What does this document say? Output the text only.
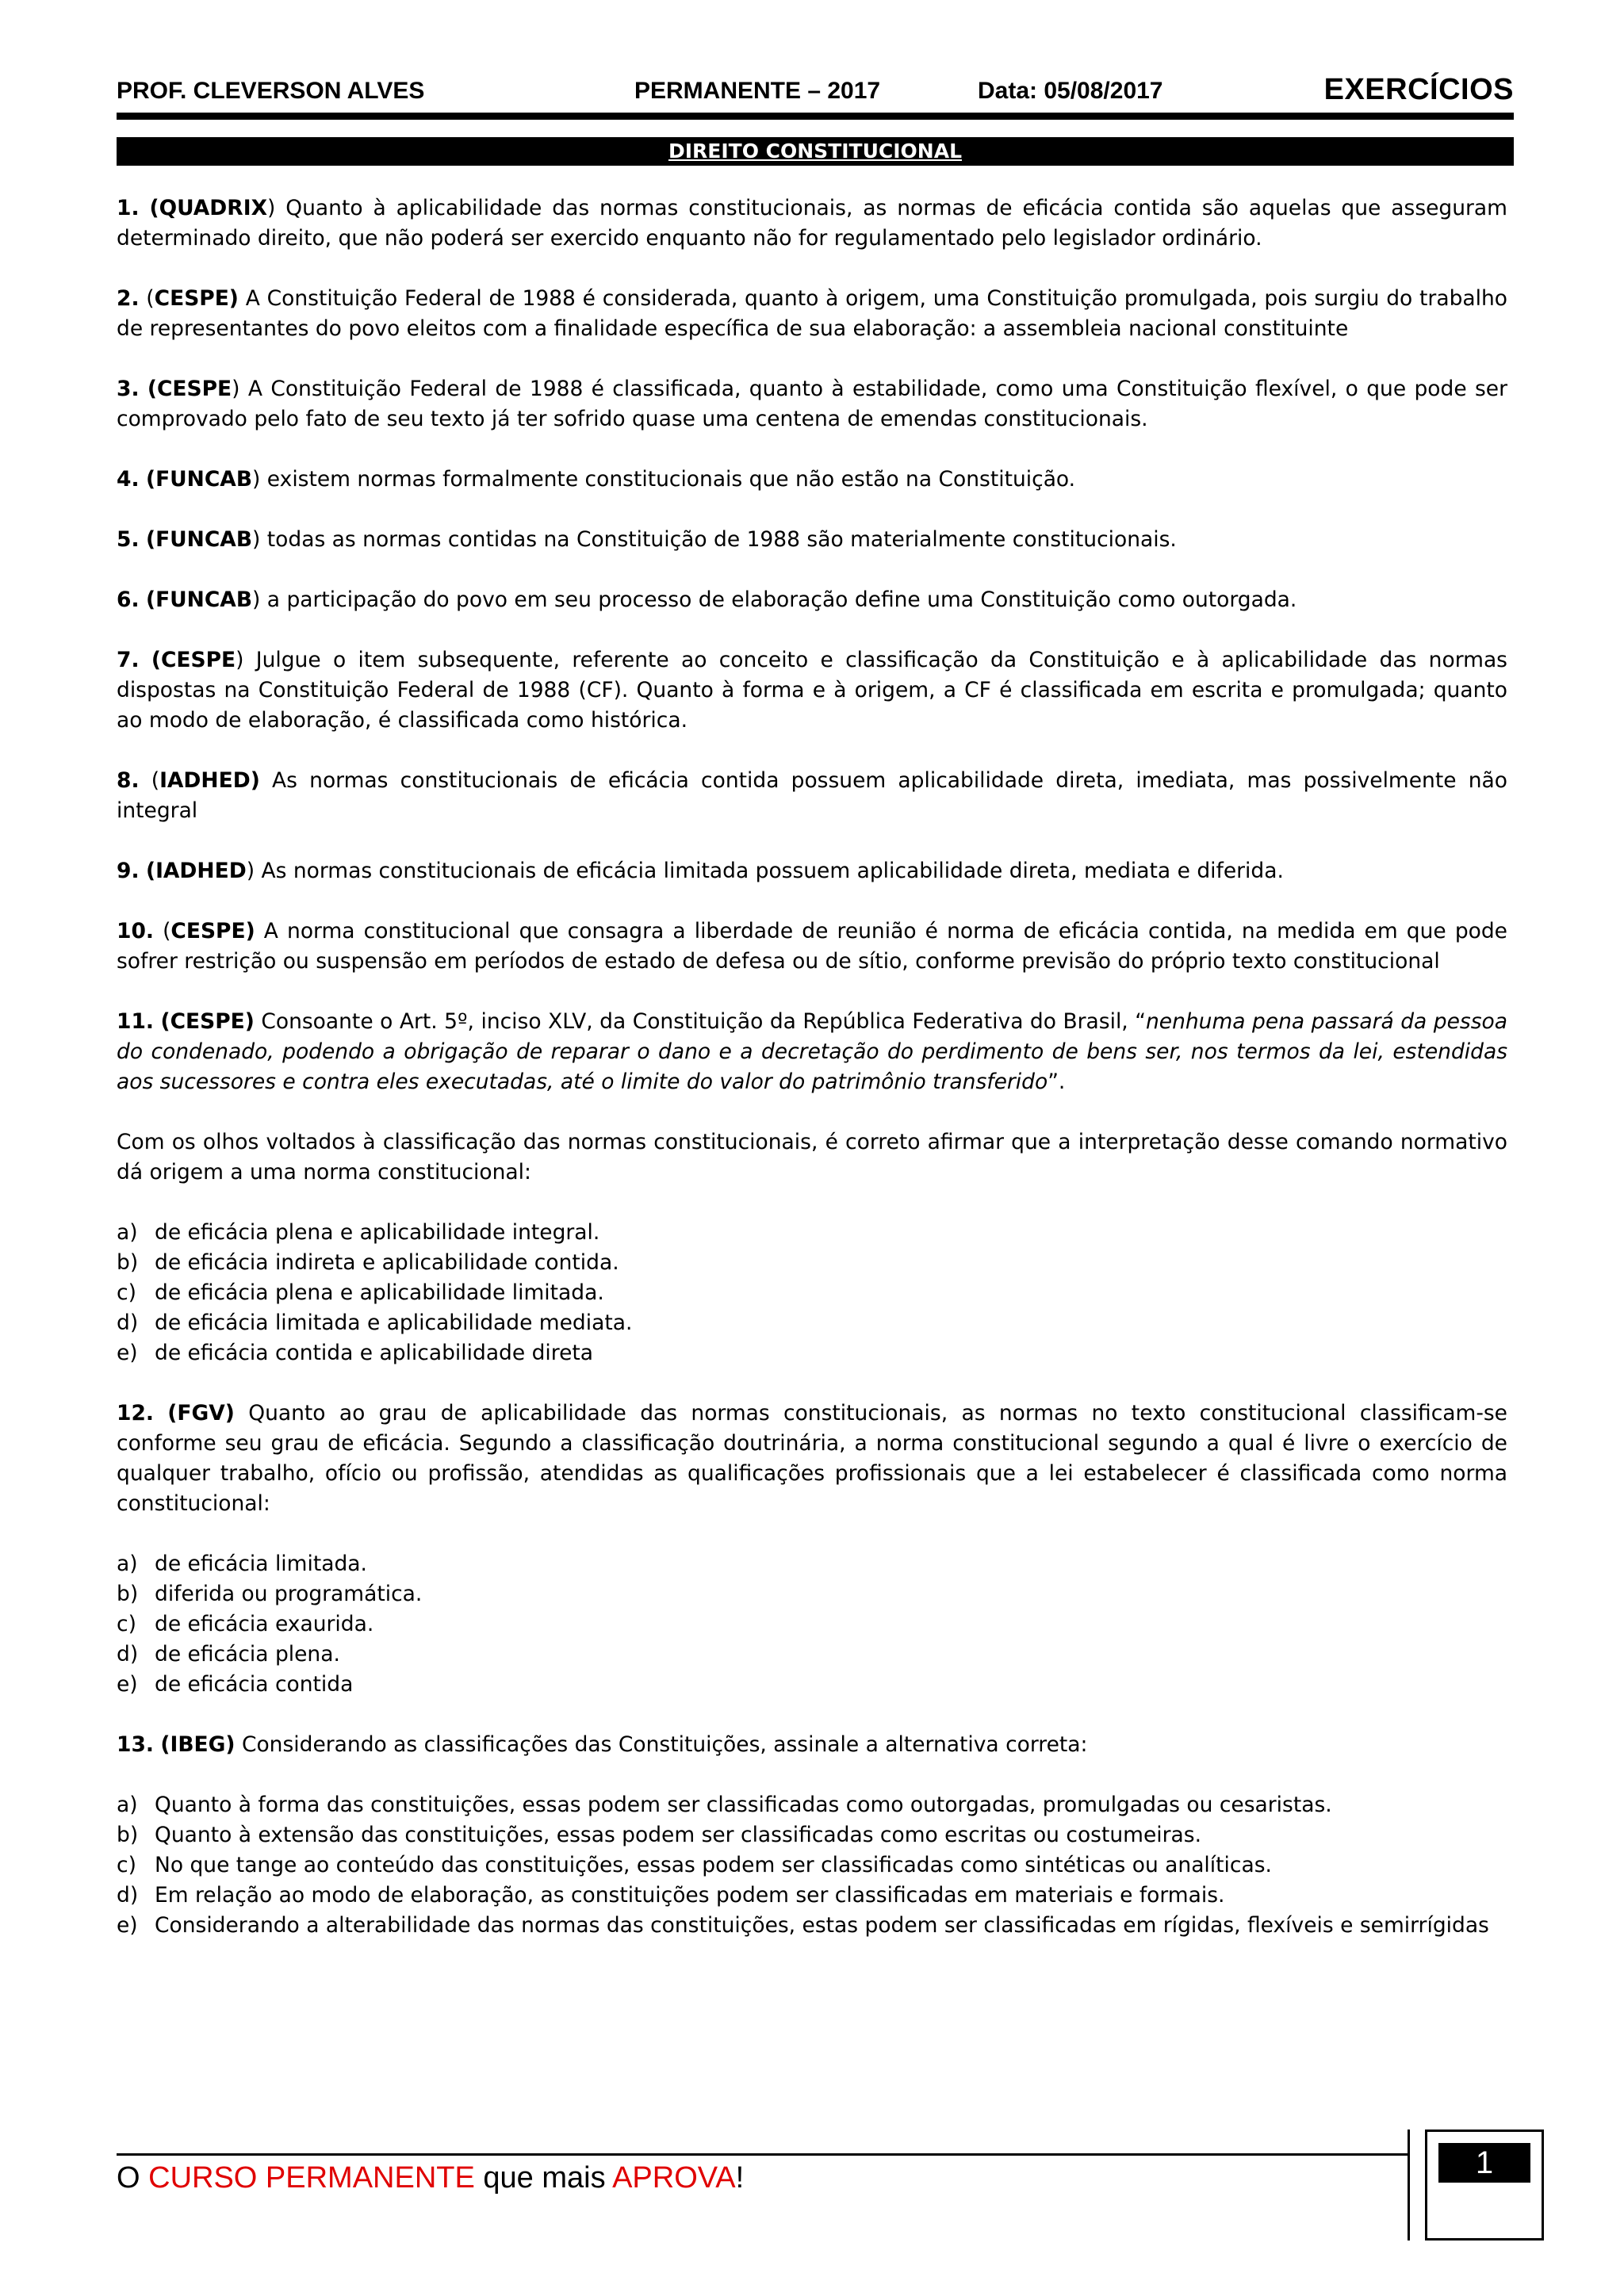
PROF. CLEVERSON ALVES	PERMANENTE – 2017	Data: 05/08/2017	EXERCÍCIOS
DIREITO CONSTITUCIONAL

1. (QUADRIX) Quanto à aplicabilidade das normas constitucionais, as normas de eficácia contida são aquelas que asseguram determinado direito, que não poderá ser exercido enquanto não for regulamentado pelo legislador ordinário.

2. (CESPE) A Constituição Federal de 1988 é considerada, quanto à origem, uma Constituição promulgada, pois surgiu do trabalho de representantes do povo eleitos com a finalidade específica de sua elaboração: a assembleia nacional constituinte

3. (CESPE) A Constituição Federal de 1988 é classificada, quanto à estabilidade, como uma Constituição flexível, o que pode ser comprovado pelo fato de seu texto já ter sofrido quase uma centena de emendas constitucionais.

4. (FUNCAB) existem normas formalmente constitucionais que não estão na Constituição.

5. (FUNCAB) todas as normas contidas na Constituição de 1988 são materialmente constitucionais.

6. (FUNCAB) a participação do povo em seu processo de elaboração define uma Constituição como outorgada.

7. (CESPE) Julgue o item subsequente, referente ao conceito e classificação da Constituição e à aplicabilidade das normas dispostas na Constituição Federal de 1988 (CF). Quanto à forma e à origem, a CF é classificada em escrita e promulgada; quanto ao modo de elaboração, é classificada como histórica.

8. (IADHED) As normas constitucionais de eficácia contida possuem aplicabilidade direta, imediata, mas possivelmente não integral

9. (IADHED) As normas constitucionais de eficácia limitada possuem aplicabilidade direta, mediata e diferida.

10. (CESPE) A norma constitucional que consagra a liberdade de reunião é norma de eficácia contida, na medida em que pode sofrer restrição ou suspensão em períodos de estado de defesa ou de sítio, conforme previsão do próprio texto constitucional

11. (CESPE) Consoante o Art. 5º, inciso XLV, da Constituição da República Federativa do Brasil, “nenhuma pena passará da pessoa do condenado, podendo a obrigação de reparar o dano e a decretação do perdimento de bens ser, nos termos da lei, estendidas aos sucessores e contra eles executadas, até o limite do valor do patrimônio transferido”.

Com os olhos voltados à classificação das normas constitucionais, é correto afirmar que a interpretação desse comando normativo dá origem a uma norma constitucional:

a) de eficácia plena e aplicabilidade integral.
b) de eficácia indireta e aplicabilidade contida.
c) de eficácia plena e aplicabilidade limitada.
d) de eficácia limitada e aplicabilidade mediata.
e) de eficácia contida e aplicabilidade direta

12. (FGV) Quanto ao grau de aplicabilidade das normas constitucionais, as normas no texto constitucional classificam-se conforme seu grau de eficácia. Segundo a classificação doutrinária, a norma constitucional segundo a qual é livre o exercício de qualquer trabalho, ofício ou profissão, atendidas as qualificações profissionais que a lei estabelecer é classificada como norma constitucional:

a) de eficácia limitada.
b) diferida ou programática.
c) de eficácia exaurida.
d) de eficácia plena.
e) de eficácia contida

13. (IBEG) Considerando as classificações das Constituições, assinale a alternativa correta:

a) Quanto à forma das constituições, essas podem ser classificadas como outorgadas, promulgadas ou cesaristas.
b) Quanto à extensão das constituições, essas podem ser classificadas como escritas ou costumeiras.
c) No que tange ao conteúdo das constituições, essas podem ser classificadas como sintéticas ou analíticas.
d) Em relação ao modo de elaboração, as constituições podem ser classificadas em materiais e formais.
e) Considerando a alterabilidade das normas das constituições, estas podem ser classificadas em rígidas, flexíveis e semirrígidas
O CURSO PERMANENTE que mais APROVA!	1
